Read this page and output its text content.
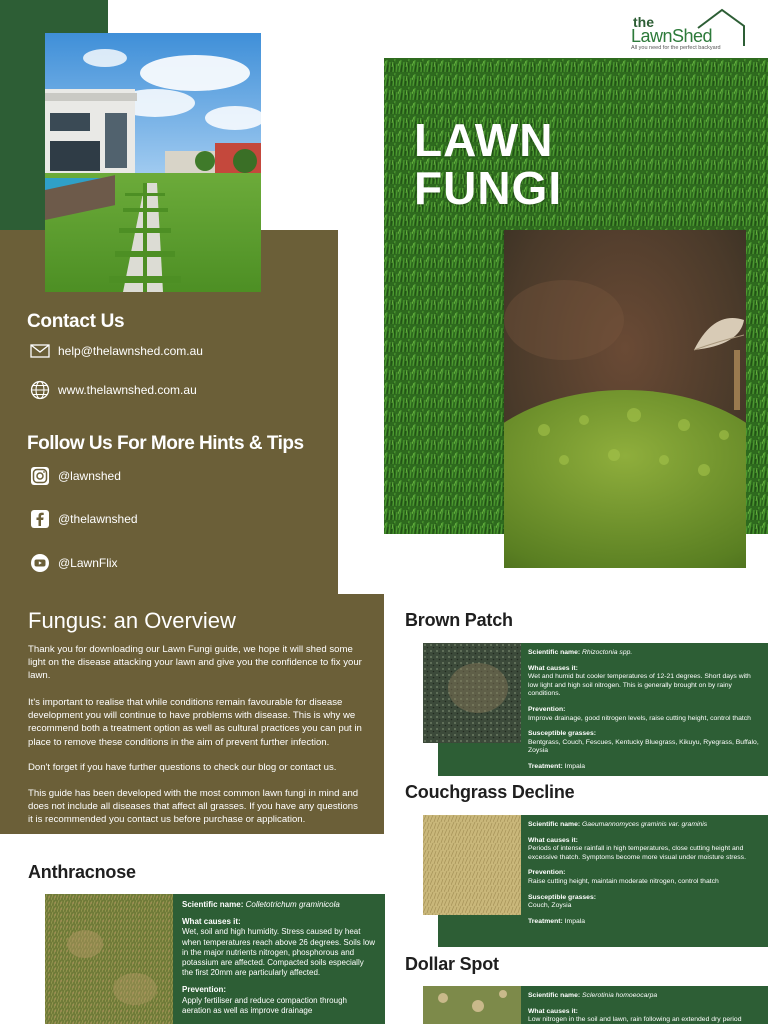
the
LawnShed
All you need for the perfect backyard
LAWN
FUNGI
Contact Us
help@thelawnshed.com.au
www.thelawnshed.com.au
Follow Us For More Hints & Tips
@lawnshed
@thelawnshed
@LawnFlix
Fungus: an Overview

Thank you for downloading our Lawn Fungi guide, we hope it will shed some light on the disease attacking your lawn and give you the confidence to fix your lawn.

It's important to realise that while conditions remain favourable for disease development you will continue to have problems with disease. This is why we recommend both a treatment option as well as cultural practices you can put in place to remove these conditions in the aim of prevent further infection.

Don't forget if you have further questions to check our blog or contact us.

This guide has been developed with the most common lawn fungi in mind and does not include all diseases that affect all grasses. If you have any questions it is recommended you contact us before purchase or application.

Brown Patch
Scientific name: Rhizoctonia spp.
What causes it:
Wet and humid but cooler temperatures of 12-21 degrees. Short days with low light and high soil nitrogen. This is generally brought on by rainy conditions.
Prevention:
Improve drainage, good nitrogen levels, raise cutting height, control thatch
Susceptible grasses:
Bentgrass, Couch, Fescues, Kentucky Bluegrass, Kikuyu, Ryegrass, Buffalo, Zoysia
Treatment: Impala
Couchgrass Decline
Scientific name: Gaeumannomyces graminis var. graminis
What causes it:
Periods of intense rainfall in high temperatures, close cutting height and excessive thatch. Symptoms become more visual under moisture stress.
Prevention:
Raise cutting height, maintain moderate nitrogen, control thatch
Susceptible grasses:
Couch, Zoysia
Treatment: Impala
Dollar Spot
Scientific name: Sclerotinia homoeocarpa
What causes it:
Low nitrogen in the soil and lawn, rain following an extended dry period
Anthracnose
Scientific name: Colletotrichum graminicola
What causes it:
Wet, soil and high humidity. Stress caused by heat when temperatures reach above 26 degrees. Soils low in the major nutrients nitrogen, phosphorous and potassium are affected. Compacted soils especially the first 20mm are particularly affected.
Prevention:
Apply fertiliser and reduce compaction through aeration as well as improve drainage
